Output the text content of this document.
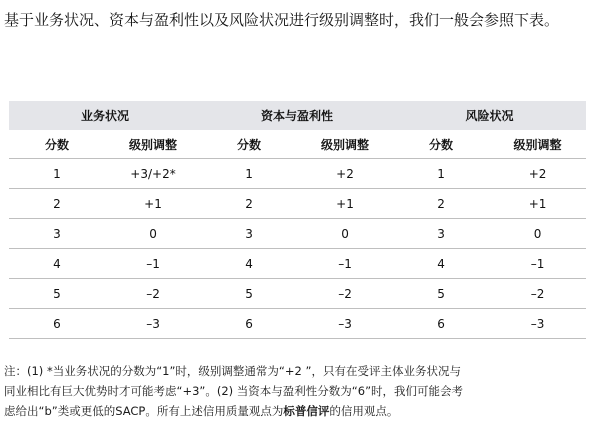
基于业务状况、资本与盈利性以及风险状况进行级别调整时，我们一般会参照下表。
业务状况		资本与盈利性		风险状况	
分数	级别调整	分数	级别调整	分数	级别调整
1	+3/+2*	1	+2	1	+2
2	+1	2	+1	2	+1
3	0	3	0	3	0
4	–1	4	–1	4	–1
5	–2	5	–2	5	–2
6	–3	6	–3	6	–3
注：(1) *当业务状况的分数为“1”时，级别调整通常为“+2 ”，只有在受评主体业务状况与
同业相比有巨大优势时才可能考虑“+3”。(2) 当资本与盈利性分数为“6”时，我们可能会考
虑给出“b”类或更低的SACP。所有上述信用质量观点为标普信评的信用观点。
